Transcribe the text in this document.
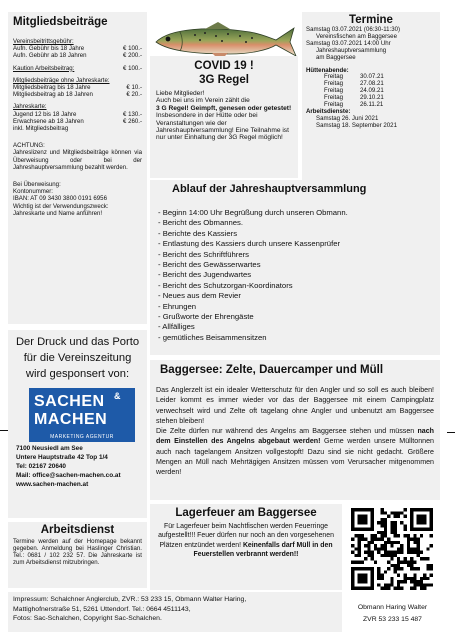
Mitgliedsbeiträge
Vereinsbeitrittsgebühr:
Aufn. Gebühr bis 18 Jahre	€ 100.-
Aufn. Gebühr ab 18 Jahren	€ 200.-
Kaution Arbeitsbeitrag:	€ 100.-
Mitgliedsbeiträge ohne Jahreskarte:
Mitgliedsbeitrag bis 18 Jahre	€ 10.-
Mitgliedsbeitrag ab 18 Jahren	€ 20.-
Jahreskarte:
Jugend 12 bis 18 Jahre	€ 130.-
Erwachsene ab 18 Jahren	€ 260.-
inkl. Mitgliedsbeitrag
ACHTUNG:
Jahreslizenz und Mitgliedsbeiträge können via Überweisung oder bei der Jahreshauptversammlung bezahlt werden.
Bei Überweisung:
Kontonummer:
IBAN: AT 09 3430 3800 0191 6956
Wichtig ist der Verwendungszweck: Jahreskarte und Name anführen!
COVID 19 !
3G Regel
Liebe Mitglieder!
Auch bei uns im Verein zählt die
3 G Regel! Geimpft, genesen oder getestet! Insbesondere in der Hütte oder bei Veranstaltungen wie der Jahreshauptversammlung! Eine Teilnahme ist nur unter Einhaltung der 3G Regel möglich!
Termine
Samstag 03.07.2021 (06:30-11:30)
Vereinsfischen am Baggersee
Samstag 03.07.2021 14:00 Uhr
Jahreshauptversammlung
am Baggersee
Hüttenabende:
Freitag	30.07.21
Freitag	27.08.21
Freitag	24.09.21
Freitag	29.10.21
Freitag	26.11.21
Arbeitsdienste:
Samstag 26. Juni 2021
Samstag 18. September 2021
Ablauf der Jahreshauptversammlung
- Beginn 14:00 Uhr Begrüßung durch unseren Obmann.
- Bericht des Obmannes.
- Berichte des Kassiers
- Entlastung des Kassiers durch unsere Kassenprüfer
- Bericht des Schriftführers
- Bericht des Gewässerwartes
- Bericht des Jugendwartes
- Bericht des Schutzorgan-Koordinators
- Neues aus dem Revier
- Ehrungen
- Grußworte der Ehrengäste
- Allfälliges
- gemütliches Beisammensitzen
Der Druck und das Porto für die Vereinszeitung wird gesponsert von:
SACHEN &
MACHEN
MARKETING AGENTUR
7100 Neusiedl am See
Untere Hauptstraße 42 Top 1/4
Tel: 02167 20640
Mail: office@sachen-machen.co.at
www.sachen-machen.at
Arbeitsdienst
Termine werden auf der Homepage bekannt gegeben. Anmeldung bei Haslinger Christian. Tel.: 0681 / 102 232 57. Die Jahreskarte ist zum Arbeitsdienst mitzubringen.
Baggersee: Zelte, Dauercamper und Müll

Das Anglerzelt ist ein idealer Wetterschutz für den Angler und so soll es auch bleiben! Leider kommt es immer wieder vor das der Baggersee mit einem Campingplatz verwechselt wird und Zelte oft tagelang ohne Angler und unbenutzt am Baggersee stehen bleiben!

Die Zelte dürfen nur während des Angelns am Baggersee stehen und müssen nach dem Einstellen des Angelns abgebaut werden! Gerne werden unsere Mülltonnen auch nach tagelangem Ansitzen vollgestopft! Dazu sind sie nicht gedacht. Größere Mengen an Müll nach Mehrtägigen Ansitzen müssen vom Verursacher mitgenommen werden!

Lagerfeuer am Baggersee

Für Lagerfeuer beim Nachtfischen werden Feuerringe aufgestellt!!! Feuer dürfen nur noch an den vorgesehenen Plätzen entzündet werden! Keinenfalls darf Müll in den Feuerstellen verbrannt werden!!

Obmann Haring Walter
ZVR 53 233 15 487
Impressum: Schalchner Anglerclub, ZVR.: 53 233 15, Obmann Walter Haring,
Mattighofnerstraße 51, 5261 Uttendorf. Tel.: 0664 4511143,
Fotos: Sac-Schalchen, Copyright Sac-Schalchen.
